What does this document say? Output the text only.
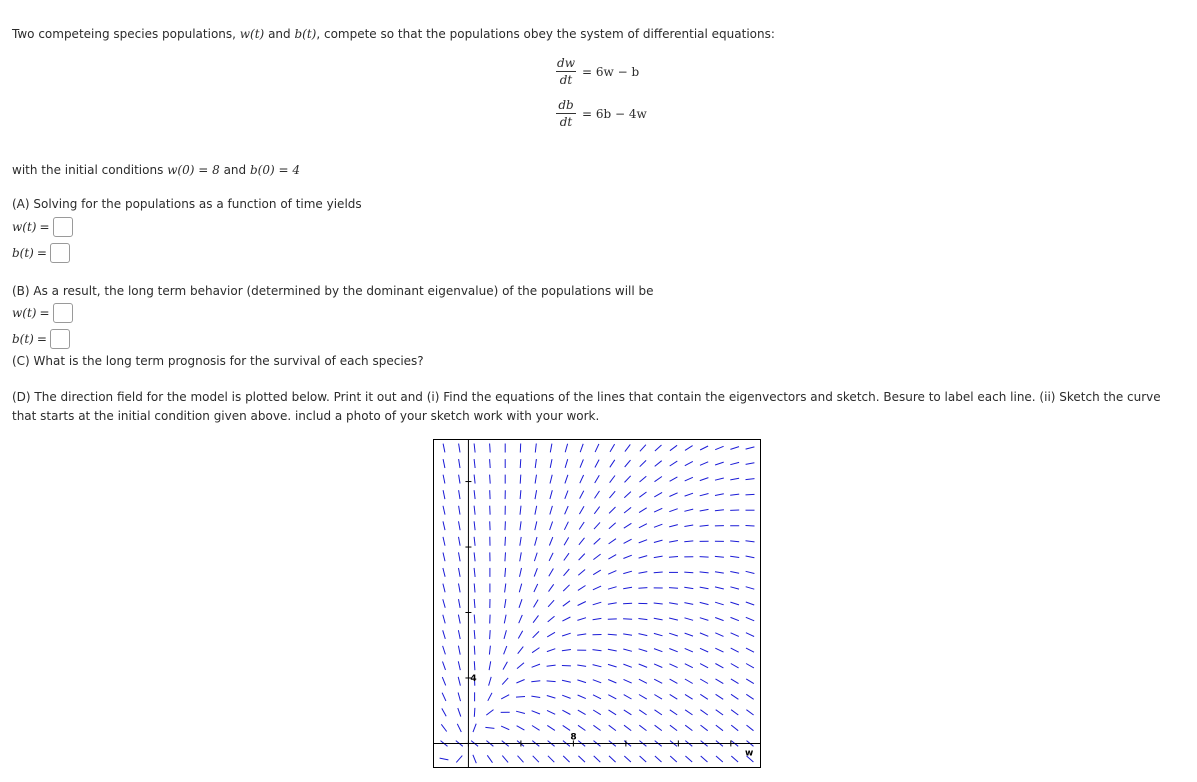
Two competeing species populations, w(t) and b(t), compete so that the populations obey the system of differential equations:
dw
dt
= 6w − b
db
dt
= 6b − 4w
with the initial conditions w(0) = 8 and b(0) = 4
(A) Solving for the populations as a function of time yields
w(t) =
b(t) =
(B) As a result, the long term behavior (determined by the dominant eigenvalue) of the populations will be
w(t) =
b(t) =
(C) What is the long term prognosis for the survival of each species?
(D) The direction field for the model is plotted below. Print it out and (i) Find the equations of the lines that contain the eigenvectors and sketch. Besure to label each line. (ii) Sketch the curve that starts at the initial condition given above. includ a photo of your sketch work with your work.
8
4
w
